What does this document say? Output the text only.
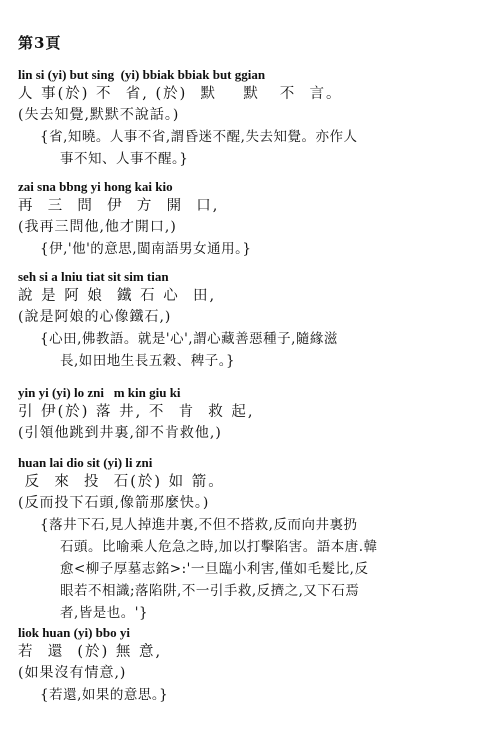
第3頁
lin si (yi) but sing  (yi) bbiak bbiak but ggian
人 事(於) 不  省, (於)  默    默   不  言。
(失去知覺,默默不說話。)
{省,知曉。人事不省,謂昏迷不醒,失去知覺。亦作人
事不知、人事不醒。}
zai sna bbng yi hong kai kio
再  三  問  伊  方  開  口,
(我再三問他,他才開口,)
{伊,'他'的意思,閩南語男女通用。}
seh si a lniu tiat sit sim tian
說 是 阿 娘  鐵 石 心  田,
(說是阿娘的心像鐵石,)
{心田,佛教語。就是'心',謂心藏善惡種子,隨緣滋
長,如田地生長五穀、稗子。}
yin yi (yi) lo zni   m kin giu ki
引 伊(於) 落 井, 不  肯  救 起,
(引領他跳到井裏,卻不肯救他,)
huan lai dio sit (yi) li zni
反  來  投  石(於) 如 箭。
(反而投下石頭,像箭那麼快。)
{落井下石,見人掉進井裏,不但不搭救,反而向井裏扔
石頭。比喻乘人危急之時,加以打擊陷害。語本唐.韓
愈<柳子厚墓志銘>:'一旦臨小利害,僅如毛髮比,反
眼若不相識;落陷阱,不一引手救,反擠之,又下石焉
者,皆是也。'}
liok huan (yi) bbo yi
若  還  (於) 無 意,
(如果沒有情意,)
{若還,如果的意思。}
